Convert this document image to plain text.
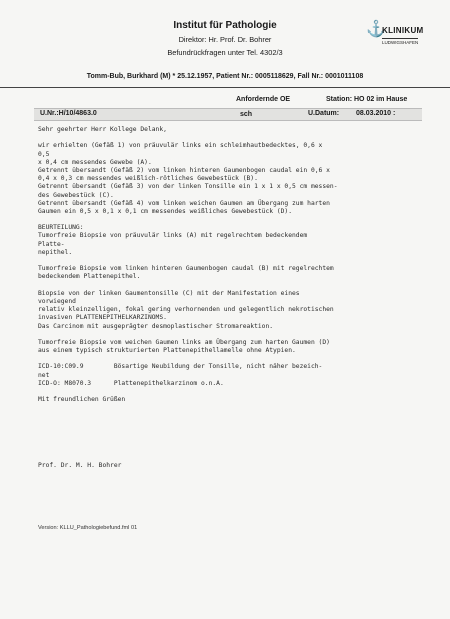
Institut für Pathologie
Direktor: Hr. Prof. Dr. Bohrer
Befundrückfragen unter Tel. 4302/3
⚓
KLINIKUM
LUDWIGSHAFEN
Tomm-Bub, Burkhard (M) * 25.12.1957, Patient Nr.: 0005118629, Fall Nr.: 0001011108
Anfordernde OE	Station: HO 02 im Hause
U.Nr.:H/10/4863.0	sch	U.Datum: 08.03.2010 :
Sehr geehrter Herr Kollege Delank,
wir erhielten (Gefäß 1) von präuvulär links ein schleimhautbedecktes, 0,6 x
0,5
x 0,4 cm messendes Gewebe (A).
Getrennt übersandt (Gefäß 2) vom linken hinteren Gaumenbogen caudal ein 0,6 x
0,4 x 0,3 cm messendes weißlich-rötliches Gewebestück (B).
Getrennt übersandt (Gefäß 3) von der linken Tonsille ein 1 x 1 x 0,5 cm messen-
des Gewebestück (C).
Getrennt übersandt (Gefäß 4) vom linken weichen Gaumen am Übergang zum harten
Gaumen ein 0,5 x 0,1 x 0,1 cm messendes weißliches Gewebestück (D).
BEURTEILUNG:
Tumorfreie Biopsie von präuvulär links (A) mit regelrechtem bedeckendem
Platte-
nepithel.
Tumorfreie Biopsie vom linken hinteren Gaumenbogen caudal (B) mit regelrechtem
bedeckendem Plattenepithel.
Biopsie von der linken Gaumentonsille (C) mit der Manifestation eines
vorwiegend
relativ kleinzelligen, fokal gering verhornenden und gelegentlich nekrotischen
invasiven PLATTENEPITHELKARZINOMS.
Das Carcinom mit ausgeprägter desmoplastischer Stromareaktion.
Tumorfreie Biopsie vom weichen Gaumen links am Übergang zum harten Gaumen (D)
aus einem typisch strukturierten Plattenepithellamelle ohne Atypien.
ICD-10:C09.9        Bösartige Neubildung der Tonsille, nicht näher bezeich-
net
ICD-O: M8070.3      Plattenepithelkarzinom o.n.A.
Mit freundlichen Grüßen
Prof. Dr. M. H. Bohrer
Version: KLLU_Pathologiebefund.fml 01
